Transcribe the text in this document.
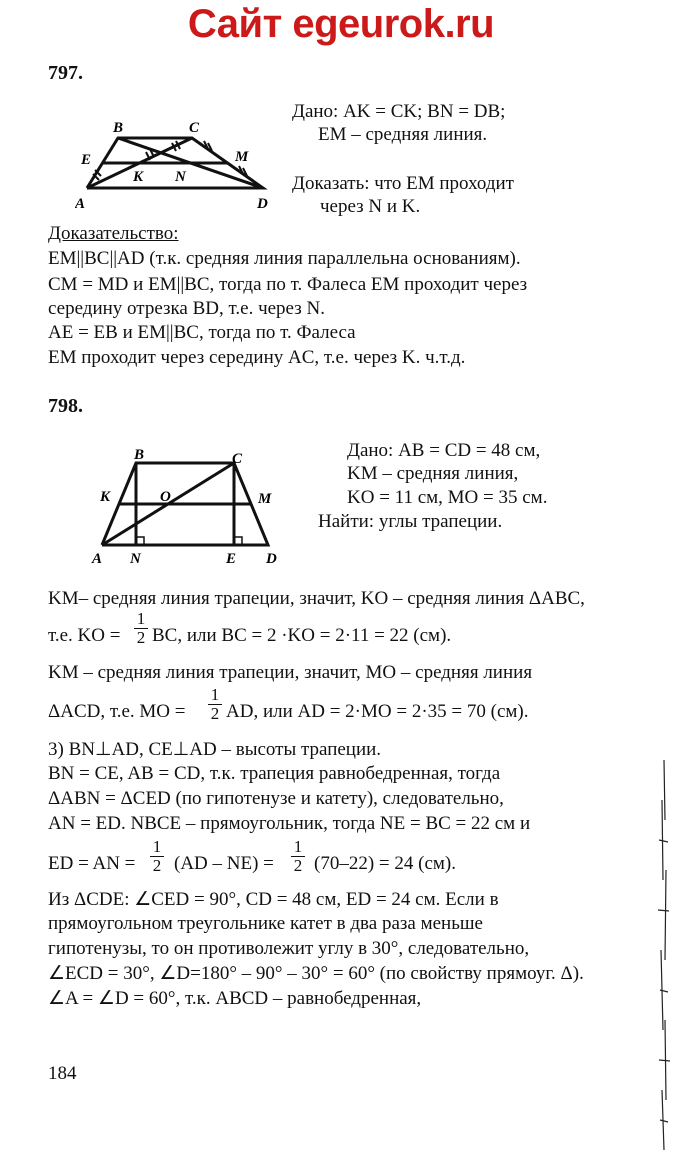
Сайт egeurok.ru
797.
A
B	C
D
E	M
K N
Дано: AK = CK; BN = DB;
EM – средняя линия.
Доказать: что EM проходит
через N и K.
Доказательство:
EM||BC||AD (т.к. средняя линия параллельна основаниям).
CM = MD и EM||BC, тогда по т. Фалеса EM проходит через
середину отрезка BD, т.е. через N.
AE = EB и EM||BC, тогда по т. Фалеса
EM проходит через середину AC, т.е. через K. ч.т.д.
798.
A
B	C
D
K	O	M
N	E
Дано: AB = CD = 48 см,
KM – средняя линия,
KO = 11 см, MO = 35 см.
Найти: углы трапеции.
KM– средняя линия трапеции, значит, KO – средняя линия ΔABC,
т.е. KO = $\frac{1}{2}$ BC, или BC = 2 ·KO = 2·11 = 22 (см).
KM – средняя линия трапеции, значит, MO – средняя линия
ΔACD, т.е. MO = $\frac{1}{2}$ AD, или AD = 2·MO = 2·35 = 70 (см).
3) BN⊥AD, CE⊥AD – высоты трапеции.
BN = CE, AB = CD, т.к. трапеция равнобедренная, тогда
ΔABN = ΔCED (по гипотенузе и катету), следовательно,
AN = ED. NBCE – прямоугольник, тогда NE = BC = 22 см и
ED = AN = $\frac{1}{2} (AD - NE) = \frac{1}{2} (70-22) = 24$ (см).
Из ΔCDE: ∠CED = 90°, CD = 48 см, ED = 24 см. Если в
прямоугольном треугольнике катет в два раза меньше
гипотенузы, то он противолежит углу в 30°, следовательно,
∠ECD = 30°, ∠D=180° – 90° – 30° = 60° (по свойству прямоуг. Δ).
∠A = ∠D = 60°, т.к. ABCD – равнобедренная,
184
